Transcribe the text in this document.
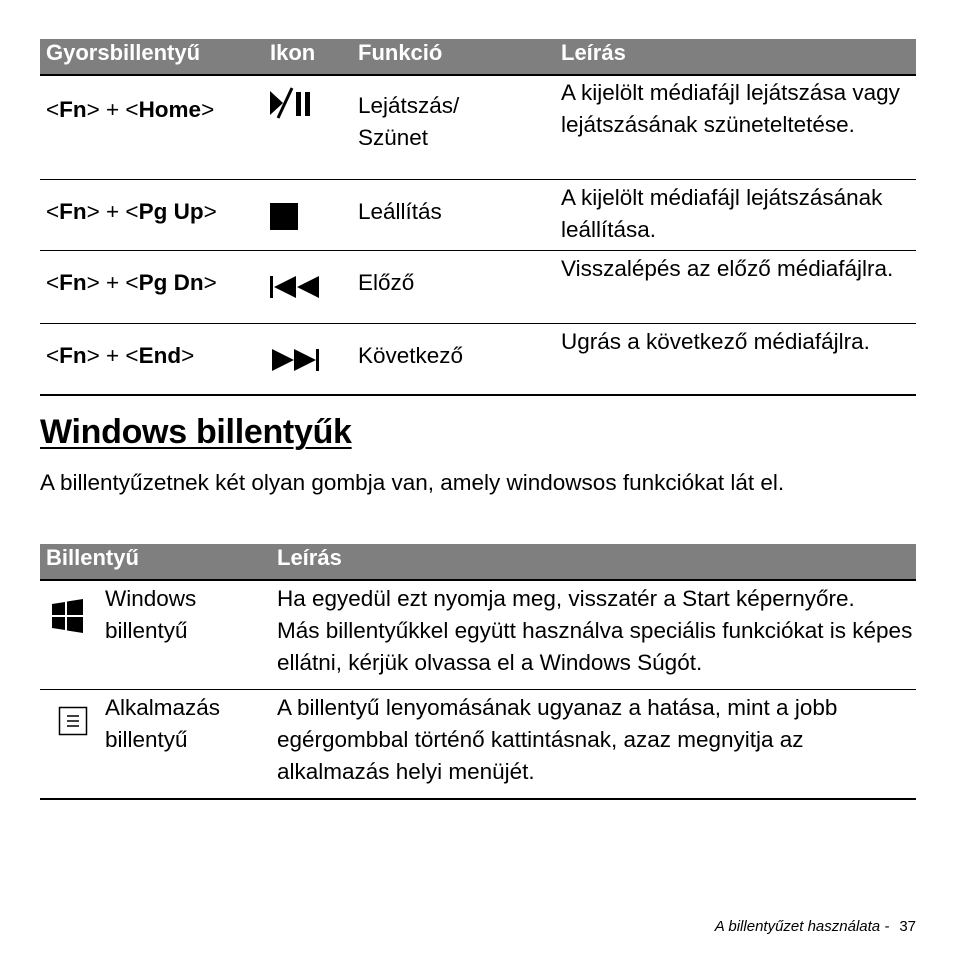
Gyorsbillentyű	Ikon	Funkció	Leírás
<Fn> + <Home>		Lejátszás/ Szünet	A kijelölt médiafájl lejátszása vagy lejátszásának szüneteltetése.
<Fn> + <Pg Up>		Leállítás	A kijelölt médiafájl lejátszásának leállítása.
<Fn> + <Pg Dn>		Előző	Visszalépés az előző médiafájlra.
<Fn> + <End>		Következő	Ugrás a következő médiafájlra.
Windows billentyűk

A billentyűzetnek két olyan gombja van, amely windowsos funkciókat lát el.

Billentyű		Leírás

	Windows billentyű	Ha egyedül ezt nyomja meg, visszatér a Start képernyőre.
Más billentyűkkel együtt használva speciális funkciókat is képes ellátni, kérjük olvassa el a Windows Súgót.

	Alkalmazás billentyű	A billentyű lenyomásának ugyanaz a hatása, mint a jobb egérgombbal történő kattintásnak, azaz megnyitja az alkalmazás helyi menüjét.
A billentyűzet használata - 37
